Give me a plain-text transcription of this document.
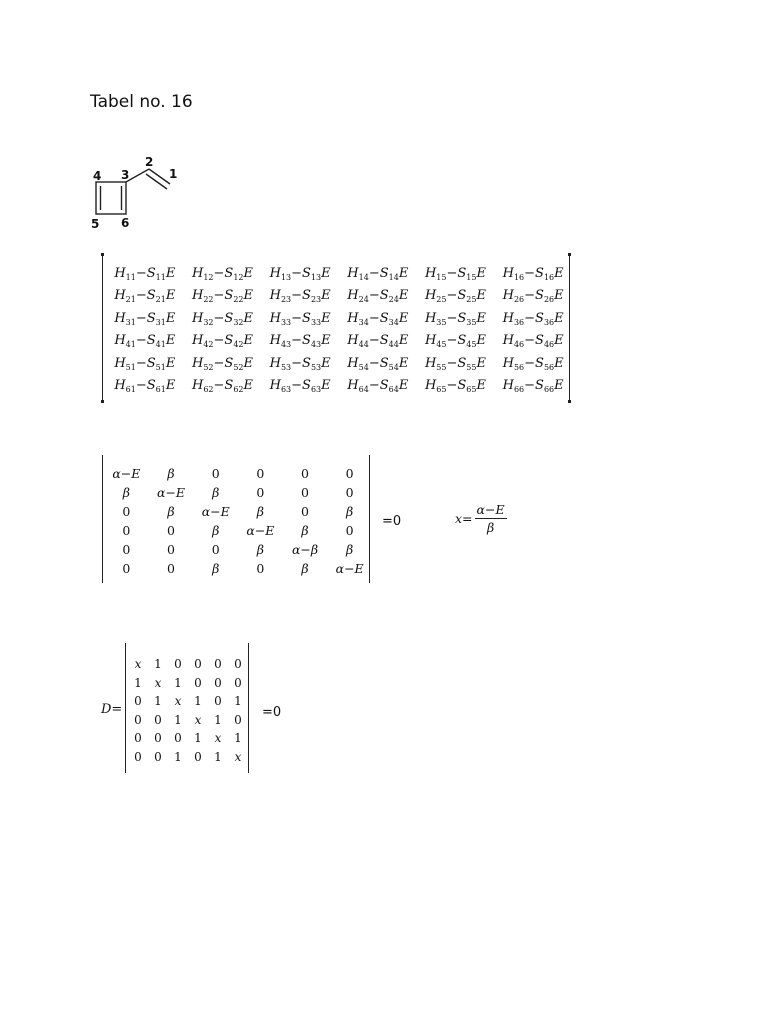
Tabel no. 16
1
2
3
4
5 6
$H_{11}-S_{11}E$	$H_{12}-S_{12}E$	$H_{13}-S_{13}E$	$H_{14}-S_{14}E$	$H_{15}-S_{15}E$	$H_{16}-S_{16}E$
$H_{21}-S_{21}E$	$H_{22}-S_{22}E$	$H_{23}-S_{23}E$	$H_{24}-S_{24}E$	$H_{25}-S_{25}E$	$H_{26}-S_{26}E$
$H_{31}-S_{31}E$	$H_{32}-S_{32}E$	$H_{33}-S_{33}E$	$H_{34}-S_{34}E$	$H_{35}-S_{35}E$	$H_{36}-S_{36}E$
$H_{41}-S_{41}E$	$H_{42}-S_{42}E$	$H_{43}-S_{43}E$	$H_{44}-S_{44}E$	$H_{45}-S_{45}E$	$H_{46}-S_{46}E$
$H_{51}-S_{51}E$	$H_{52}-S_{52}E$	$H_{53}-S_{53}E$	$H_{54}-S_{54}E$	$H_{55}-S_{55}E$	$H_{56}-S_{56}E$
$H_{61}-S_{61}E$	$H_{62}-S_{62}E$	$H_{63}-S_{63}E$	$H_{64}-S_{64}E$	$H_{65}-S_{65}E$	$H_{66}-S_{66}E$
α−E	β	0	0	0	0
β	α−E	β	0	0	0
0	β	α−E	β	0	β
0	0	β	α−E	β	0
0	0	0	β	α−β	β
0	0	β	0	β	α−E
=0	$x= \frac{\alpha-E}{\beta}$
D=
x	1	0	0	0	0
1	x	1	0	0	0
0	1	x	1	0	1
0	0	1	x	1	0
0	0	0	1	x	1
0	0	1	0	1	x
=0
